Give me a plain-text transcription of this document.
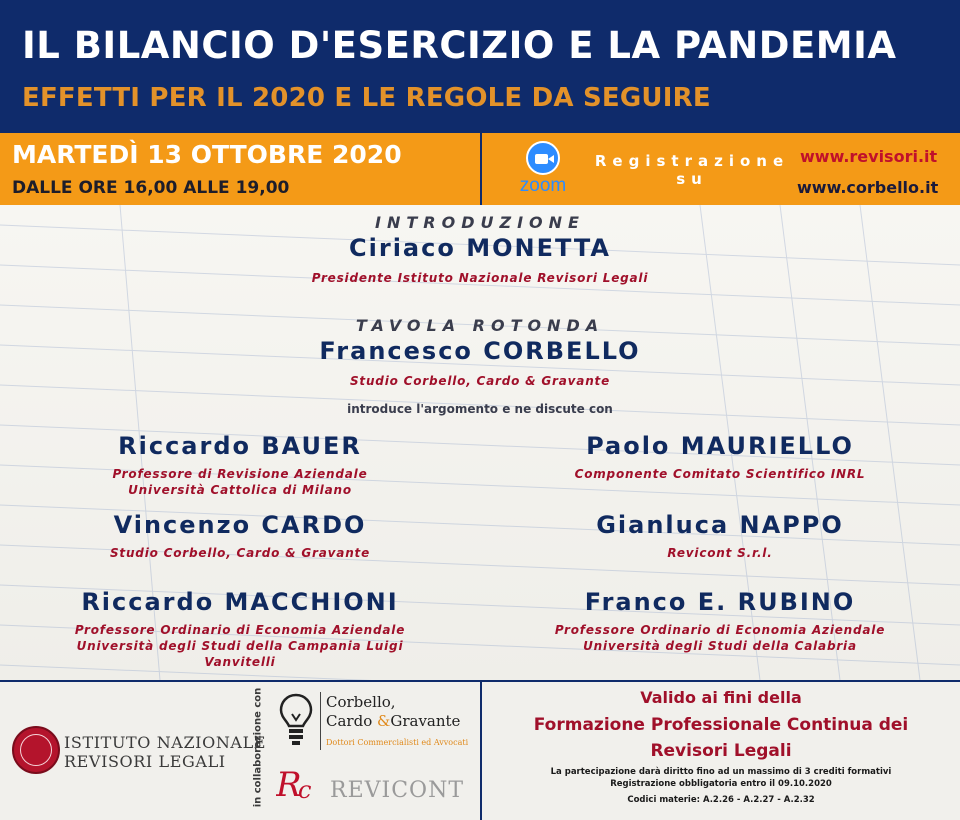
IL BILANCIO D'ESERCIZIO E LA PANDEMIA
EFFETTI PER IL 2020 E LE REGOLE DA SEGUIRE
MARTEDÌ 13 OTTOBRE 2020
DALLE ORE 16,00 ALLE 19,00	zoom
Registrazione su
www.revisori.it
www.corbello.it
INTRODUZIONE
Ciriaco MONETTA
Presidente Istituto Nazionale Revisori Legali
TAVOLA ROTONDA
Francesco CORBELLO
Studio Corbello, Cardo & Gravante
introduce l'argomento e ne discute con
Riccardo BAUER
Professore di Revisione Aziendale
Università Cattolica di Milano
Paolo MAURIELLO
Componente Comitato Scientifico INRL
Vincenzo CARDO
Studio Corbello, Cardo & Gravante
Gianluca NAPPO
Revicont S.r.l.
Riccardo MACCHIONI
Professore Ordinario di Economia Aziendale
Università degli Studi della Campania Luigi
Vanvitelli
Franco E. RUBINO
Professore Ordinario di Economia Aziendale
Università degli Studi della Calabria
ISTITUTO NAZIONALE
REVISORI LEGALI	in collaborazione con	Corbello,
Cardo &Gravante
Dottori Commercialisti ed Avvocati
R
c REVICONT
Valido ai fini della
Formazione Professionale Continua dei
Revisori Legali
La partecipazione darà diritto fino ad un massimo di 3 crediti formativi
Registrazione obbligatoria entro il 09.10.2020
Codici materie: A.2.26 - A.2.27 - A.2.32
